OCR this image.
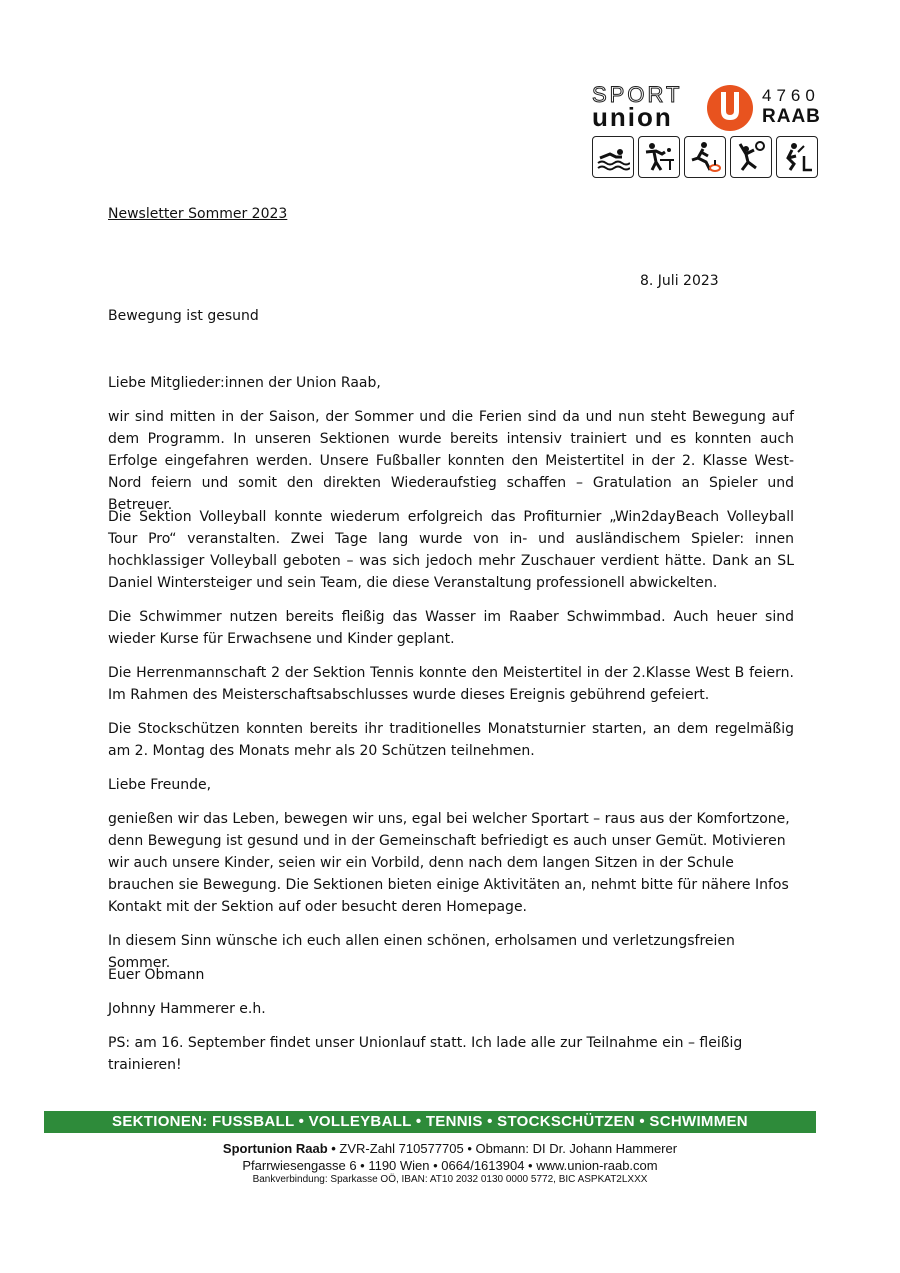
SPORT
union
4760
RAAB
Newsletter Sommer 2023
8. Juli 2023
Bewegung ist gesund
Liebe Mitglieder:innen der Union Raab,
wir sind mitten in der Saison, der Sommer und die Ferien sind da und nun steht Bewegung auf dem Programm. In unseren Sektionen wurde bereits intensiv trainiert und es konnten auch Erfolge eingefahren werden. Unsere Fußballer konnten den Meistertitel in der 2. Klasse West-Nord feiern und somit den direkten Wiederaufstieg schaffen – Gratulation an Spieler und Betreuer.
Die Sektion Volleyball konnte wiederum erfolgreich das Profiturnier „Win2dayBeach Volleyball Tour Pro“ veranstalten. Zwei Tage lang wurde von in- und ausländischem Spieler: innen hochklassiger Volleyball geboten – was sich jedoch mehr Zuschauer verdient hätte. Dank an SL Daniel Wintersteiger und sein Team, die diese Veranstaltung professionell abwickelten.
Die Schwimmer nutzen bereits fleißig das Wasser im Raaber Schwimmbad. Auch heuer sind wieder Kurse für Erwachsene und Kinder geplant.
Die Herrenmannschaft 2 der Sektion Tennis konnte den Meistertitel in der 2.Klasse West B feiern. Im Rahmen des Meisterschaftsabschlusses wurde dieses Ereignis gebührend gefeiert.
Die Stockschützen konnten bereits ihr traditionelles Monatsturnier starten, an dem regelmäßig am 2. Montag des Monats mehr als 20 Schützen teilnehmen.
Liebe Freunde,
genießen wir das Leben, bewegen wir uns, egal bei welcher Sportart – raus aus der Komfortzone, denn Bewegung ist gesund und in der Gemeinschaft befriedigt es auch unser Gemüt. Motivieren wir auch unsere Kinder, seien wir ein Vorbild, denn nach dem langen Sitzen in der Schule brauchen sie Bewegung. Die Sektionen bieten einige Aktivitäten an, nehmt bitte für nähere Infos Kontakt mit der Sektion auf oder besucht deren Homepage.
In diesem Sinn wünsche ich euch allen einen schönen, erholsamen und verletzungsfreien Sommer.
Euer Obmann
Johnny Hammerer e.h.
PS: am 16. September findet unser Unionlauf statt. Ich lade alle zur Teilnahme ein – fleißig trainieren!
SEKTIONEN: FUSSBALL • VOLLEYBALL • TENNIS • STOCKSCHÜTZEN • SCHWIMMEN
Sportunion Raab • ZVR-Zahl 710577705 • Obmann: DI Dr. Johann Hammerer
Pfarrwiesengasse 6 • 1190 Wien • 0664/1613904 • www.union-raab.com
Bankverbindung: Sparkasse OÖ, IBAN: AT10 2032 0130 0000 5772, BIC ASPKAT2LXXX
